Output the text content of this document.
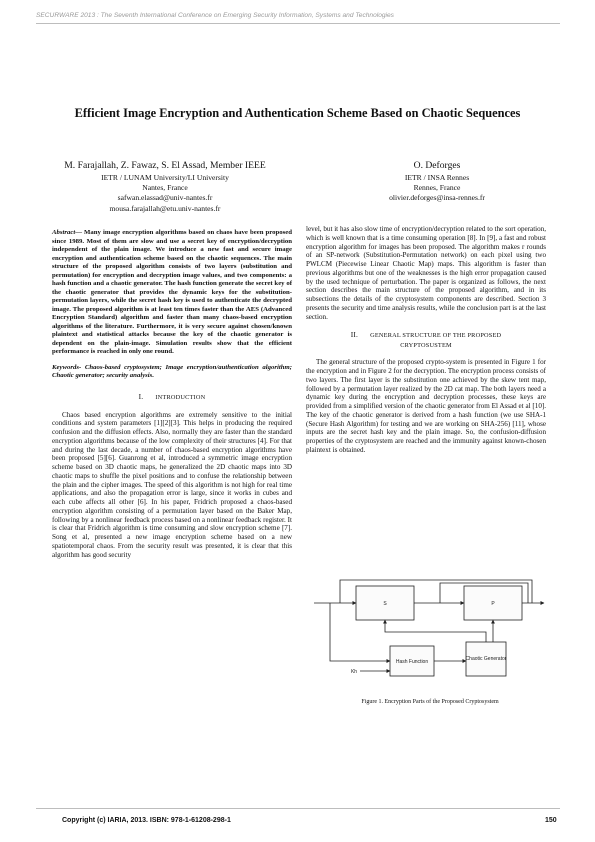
SECURWARE 2013 : The Seventh International Conference on Emerging Security Information, Systems and Technologies
Efficient Image Encryption and Authentication Scheme Based on Chaotic Sequences
M. Farajallah, Z. Fawaz, S. El Assad, Member IEEE
IETR / LUNAM University/LI University
Nantes, France
safwan.elassad@univ-nantes.fr
mousa.farajallah@etu.univ-nantes.fr
O. Deforges
IETR / INSA Rennes
Rennes, France
olivier.deforges@insa-rennes.fr

Abstract— Many image encryption algorithms based on chaos have been proposed since 1989. Most of them are slow and use a secret key of encryption/decryption independent of the plain image. We introduce a new fast and secure image encryption and authentication scheme based on the chaotic sequences. The main structure of the proposed algorithm consists of two layers (substitution and permutation) for encryption and decryption image values, and two components: a hash function and a chaotic generator. The hash function generate the secret key of the chaotic generator that provides the dynamic keys for the substitution-permutation layers, while the secret hash key is used to authenticate the decrypted image. The proposed algorithm is at least ten times faster than the AES (Advanced Encryption Standard) algorithm and faster than many chaos-based encryption algorithms of the literature. Furthermore, it is very secure against chosen/known plaintext and statistical attacks because the key of the chaotic generator is dependent on the plain-image. Simulation results show that the efficient performance is reached in only one round.

Keywords- Chaos-based cryptosystem; Image encryption/authentication algorithm; Chaotic generator; security analysis.

I. INTRODUCTION

Chaos based encryption algorithms are extremely sensitive to the initial conditions and system parameters [1][2][3]. This helps in producing the required confusion and the diffusion effects. Also, normally they are faster than the standard encryption algorithms because of the low complexity of their structures [4]. For that and during the last decade, a number of chaos-based encryption algorithms have been proposed [5][6]. Guanrong et al, introduced a symmetric image encryption scheme based on 3D chaotic maps, he generalized the 2D chaotic maps into 3D chaotic maps to shuffle the pixel positions and to confuse the relationship between the plain and the cipher images. The speed of this algorithm is not high for real time applications, and also the propagation error is large, since it works in cubes and each cube affects all other [6]. In his paper, Fridrich proposed a chaos-based encryption algorithm consisting of a permutation layer based on the Baker Map, following by a nonlinear feedback process based on a nonlinear feedback register. It is clear that Fridrich algorithm is time consuming and slow encryption scheme [7]. Song et al, presented a new image encryption scheme based on a new spatiotemporal chaos. From the security result was presented, it is clear that this algorithm has good security

level, but it has also slow time of encryption/decryption related to the sort operation, which is well known that is a time consuming operation [8]. In [9], a fast and robust encryption algorithm for images has been proposed. The algorithm makes r rounds of an SP-network (Substitution-Permutation network) on each pixel using two PWLCM (Piecewise Linear Chaotic Map) maps. This algorithm is faster than previous algorithms but one of the weaknesses is the high error propagation caused by the used technique of perturbation. The paper is organized as follows, the next section describes the main structure of the proposed algorithm, and in its subsections the details of the cryptosystem components are described. Section 3 presents the security and time analysis results, while the conclusion part is at the last section.

II. GENERAL STRUCTURE OF THE PROPOSED
CRYPTOSUSTEM

The general structure of the proposed crypto-system is presented in Figure 1 for the encryption and in Figure 2 for the decryption. The encryption process consists of two layers. The first layer is the substitution one achieved by the skew tent map, followed by a permutation layer realized by the 2D cat map. The both layers need a dynamic key during the encryption and decryption processes, these keys are provided from a simplified version of the chaotic generator from El Assad et al [10]. The key of the chaotic generator is derived from a hash function (we use SHA-1 (Secure Hash Algorithm) for testing and we are working on SHA-256) [11], whose inputs are the secret hash key and the plain image. So, the confusion-diffusion properties of the cryptosystem are reached and the immunity against known-chosen plaintext is obtained.

S	P
Hash Function	Chaotic Generator
Kh
Figure 1. Encryption Parts of the Proposed Cryptosystem
Copyright (c) IARIA, 2013. ISBN: 978-1-61208-298-1	150
